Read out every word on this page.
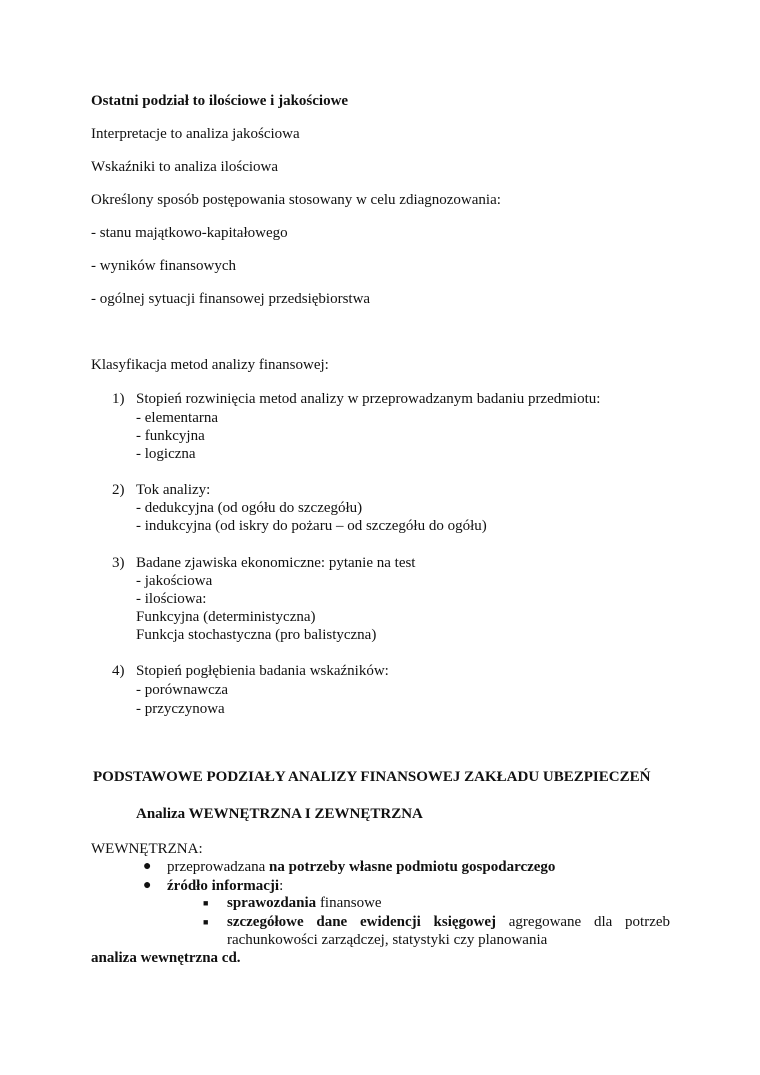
Ostatni podział to ilościowe i jakościowe
Interpretacje to analiza jakościowa
Wskaźniki to analiza ilościowa
Określony sposób postępowania stosowany w celu zdiagnozowania:
- stanu majątkowo-kapitałowego
- wyników finansowych
- ogólnej sytuacji finansowej przedsiębiorstwa
Klasyfikacja metod analizy finansowej:
1) Stopień rozwinięcia metod analizy w przeprowadzanym badaniu przedmiotu:
- elementarna
- funkcyjna
- logiczna
2) Tok analizy:
- dedukcyjna (od ogółu do szczegółu)
- indukcyjna (od iskry do pożaru – od szczegółu do ogółu)
3) Badane zjawiska ekonomiczne: pytanie na test
- jakościowa
- ilościowa:
Funkcyjna (deterministyczna)
Funkcja stochastyczna (pro balistyczna)
4) Stopień pogłębienia badania wskaźników:
- porównawcza
- przyczynowa
PODSTAWOWE PODZIAŁY ANALIZY FINANSOWEJ ZAKŁADU UBEZPIECZEŃ
Analiza WEWNĘTRZNA I ZEWNĘTRZNA
WEWNĘTRZNA:
● przeprowadzana na potrzeby własne podmiotu gospodarczego
● źródło informacji:
■ sprawozdania finansowe
■ szczegółowe dane ewidencji księgowej agregowane dla potrzeb
rachunkowości zarządczej, statystyki czy planowania
analiza wewnętrzna cd.
